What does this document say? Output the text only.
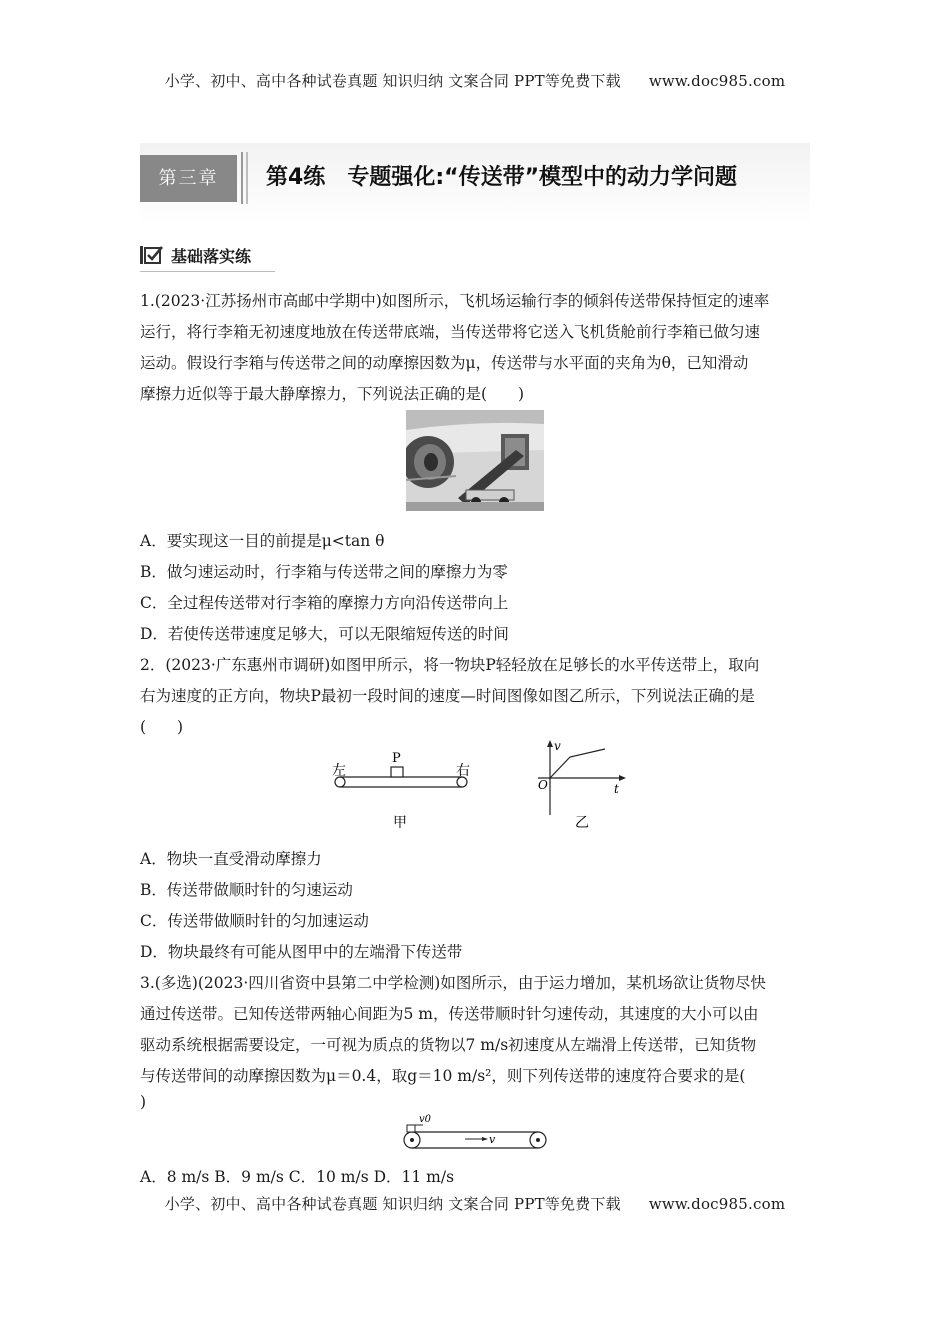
小学、初中、高中各种试卷真题 知识归纳 文案合同 PPT等免费下载 www.doc985.com
第三章	第4练 专题强化:“传送带”模型中的动力学问题
基础落实练
1.(2023·江苏扬州市高邮中学期中)如图所示，飞机场运输行李的倾斜传送带保持恒定的速率
运行，将行李箱无初速度地放在传送带底端，当传送带将它送入飞机货舱前行李箱已做匀速
运动。假设行李箱与传送带之间的动摩擦因数为μ，传送带与水平面的夹角为θ，已知滑动
摩擦力近似等于最大静摩擦力，下列说法正确的是(　　)
A．要实现这一目的前提是μ<tan θ
B．做匀速运动时，行李箱与传送带之间的摩擦力为零
C．全过程传送带对行李箱的摩擦力方向沿传送带向上
D．若使传送带速度足够大，可以无限缩短传送的时间
2．(2023·广东惠州市调研)如图甲所示，将一物块P轻轻放在足够长的水平传送带上，取向
右为速度的正方向，物块P最初一段时间的速度—时间图像如图乙所示，下列说法正确的是
(　　)
P
左	右
甲
v
t
O
乙
A．物块一直受滑动摩擦力
B．传送带做顺时针的匀速运动
C．传送带做顺时针的匀加速运动
D．物块最终有可能从图甲中的左端滑下传送带
3.(多选)(2023·四川省资中县第二中学检测)如图所示，由于运力增加，某机场欲让货物尽快
通过传送带。已知传送带两轴心间距为5 m，传送带顺时针匀速传动，其速度的大小可以由
驱动系统根据需要设定，一可视为质点的货物以7 m/s初速度从左端滑上传送带，已知货物
与传送带间的动摩擦因数为μ＝0.4，取g＝10 m/s²，则下列传送带的速度符合要求的是(
)
v0
v
A．8 m/s B．9 m/s C．10 m/s D．11 m/s
小学、初中、高中各种试卷真题 知识归纳 文案合同 PPT等免费下载 www.doc985.com
